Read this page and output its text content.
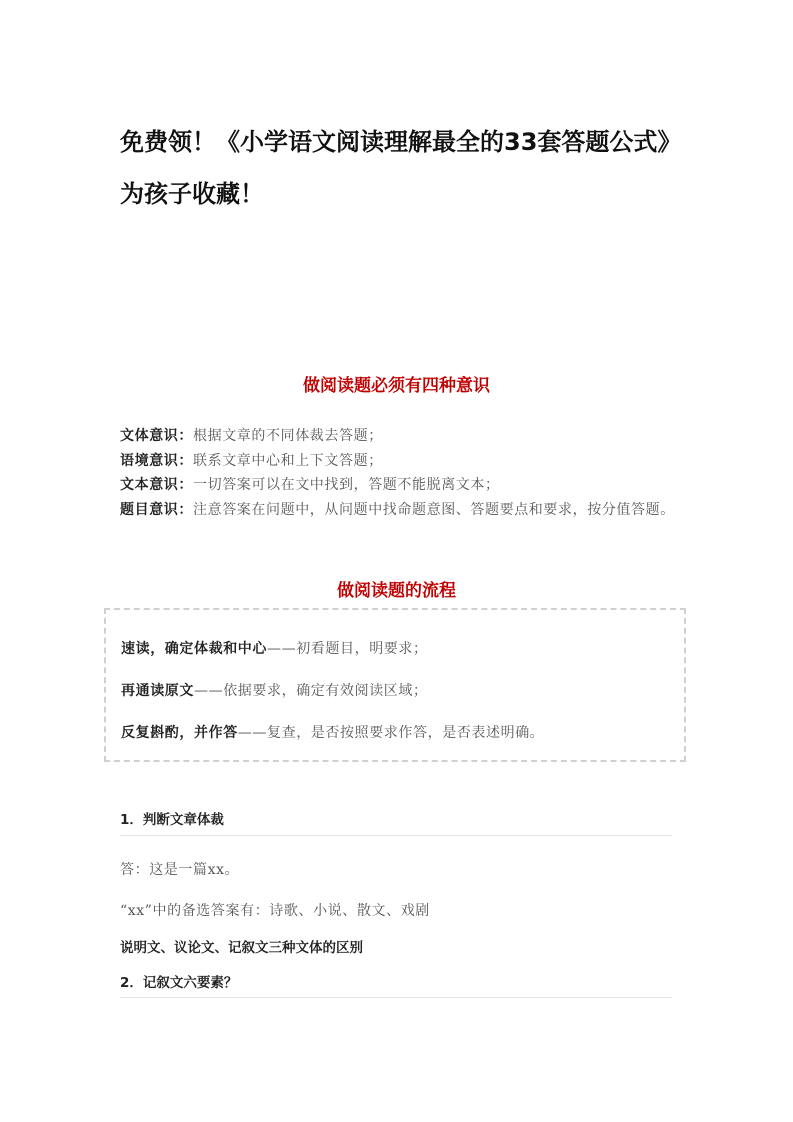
免费领！《小学语文阅读理解最全的33套答题公式》
为孩子收藏！
做阅读题必须有四种意识

文体意识：根据文章的不同体裁去答题；

语境意识：联系文章中心和上下文答题；

文本意识：一切答案可以在文中找到，答题不能脱离文本；

题目意识：注意答案在问题中，从问题中找命题意图、答题要点和要求，按分值答题。

做阅读题的流程
速读，确定体裁和中心——初看题目，明要求；
再通读原文——依据要求，确定有效阅读区域；
反复斟酌，并作答——复查，是否按照要求作答，是否表述明确。
1．判断文章体裁

答：这是一篇xx。

“xx”中的备选答案有：诗歌、小说、散文、戏剧

说明文、议论文、记叙文三种文体的区别

2．记叙文六要素？
